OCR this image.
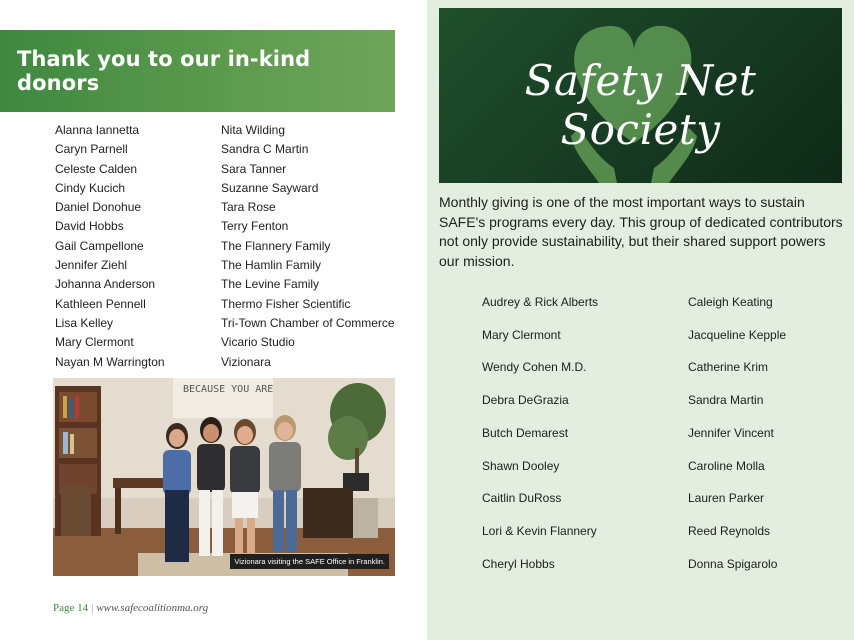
Thank you to our in-kind donors
Alanna Iannetta
Caryn Parnell
Celeste Calden
Cindy Kucich
Daniel Donohue
David Hobbs
Gail Campellone
Jennifer Ziehl
Johanna Anderson
Kathleen Pennell
Lisa Kelley
Mary Clermont
Nayan M Warrington
Nita Wilding
Sandra C Martin
Sara Tanner
Suzanne Sayward
Tara Rose
Terry Fenton
The Flannery Family
The Hamlin Family
The Levine Family
Thermo Fisher Scientific
Tri-Town Chamber of Commerce
Vicario Studio
Vizionara
BECAUSE YOU ARE
Vizionara visiting the SAFE Office in Franklin.
Page 14 | www.safecoalitionma.org
Safety Net Society
Monthly giving is one of the most important ways to sustain SAFE's programs every day. This group of dedicated contributors not only provide sustainability, but their shared support powers our mission.
Audrey & Rick Alberts
Mary Clermont
Wendy Cohen M.D.
Debra DeGrazia
Butch Demarest
Shawn Dooley
Caitlin DuRoss
Lori & Kevin Flannery
Cheryl Hobbs
Caleigh Keating
Jacqueline Kepple
Catherine Krim
Sandra Martin
Jennifer Vincent
Caroline Molla
Lauren Parker
Reed Reynolds
Donna Spigarolo
